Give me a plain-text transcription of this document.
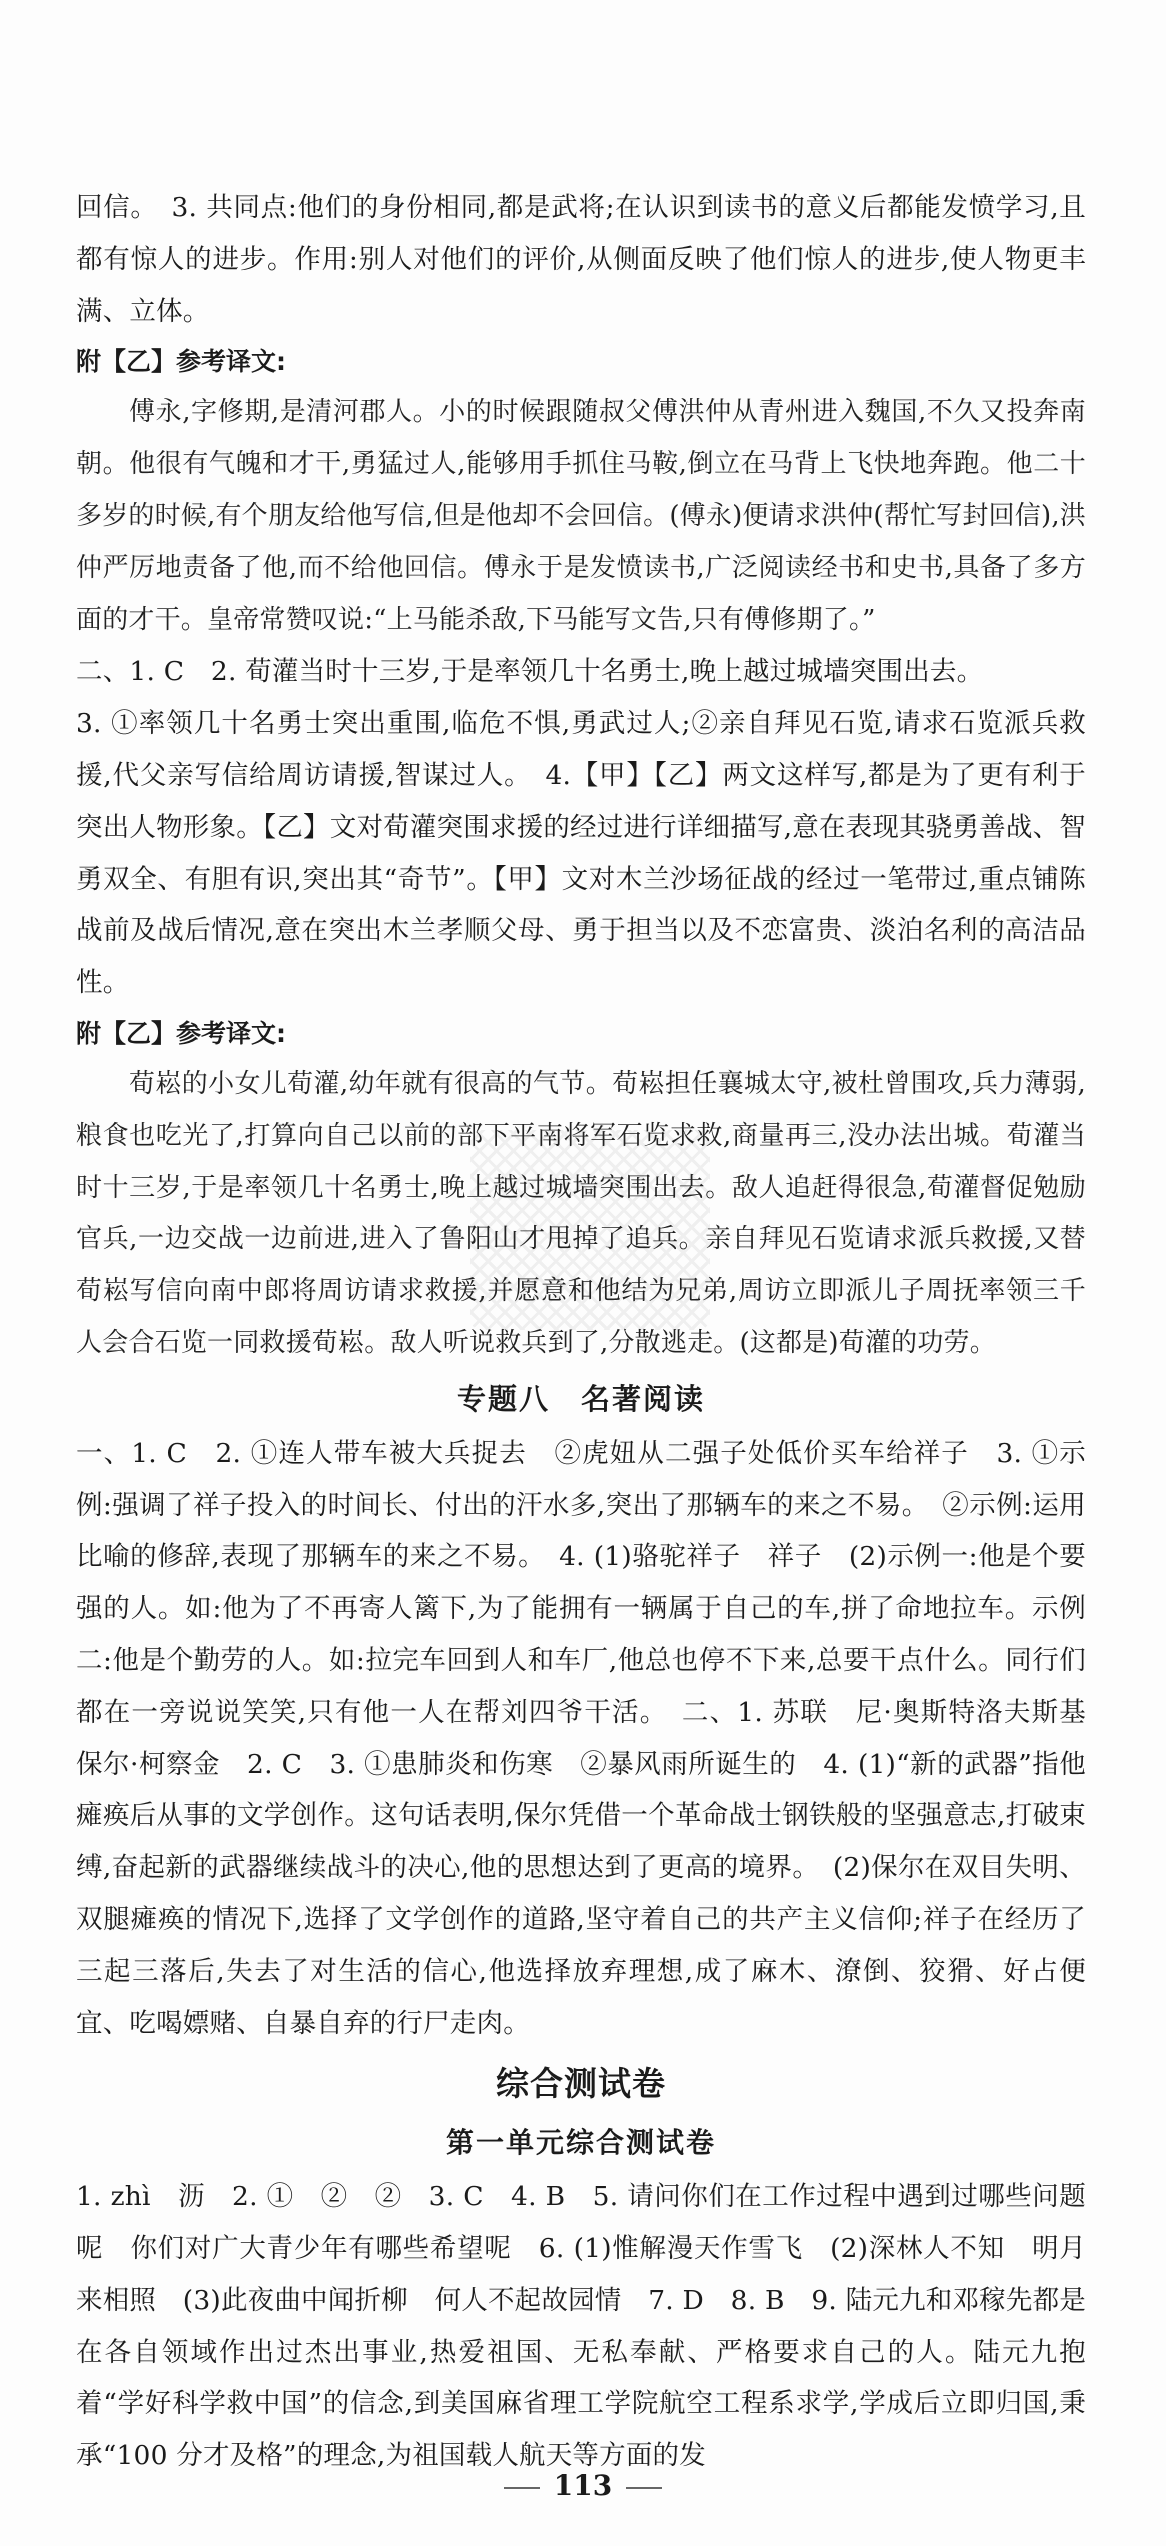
回信。　3. 共同点:他们的身份相同,都是武将;在认识到读书的意义后都能发愤学习,且都有惊人的进步。作用:别人对他们的评价,从侧面反映了他们惊人的进步,使人物更丰满、立体。

附【乙】参考译文:

傅永,字修期,是清河郡人。小的时候跟随叔父傅洪仲从青州进入魏国,不久又投奔南朝。他很有气魄和才干,勇猛过人,能够用手抓住马鞍,倒立在马背上飞快地奔跑。他二十多岁的时候,有个朋友给他写信,但是他却不会回信。(傅永)便请求洪仲(帮忙写封回信),洪仲严厉地责备了他,而不给他回信。傅永于是发愤读书,广泛阅读经书和史书,具备了多方面的才干。皇帝常赞叹说:“上马能杀敌,下马能写文告,只有傅修期了。”

二、1. C　2. 荀灌当时十三岁,于是率领几十名勇士,晚上越过城墙突围出去。

3. ①率领几十名勇士突出重围,临危不惧,勇武过人;②亲自拜见石览,请求石览派兵救援,代父亲写信给周访请援,智谋过人。　4.【甲】【乙】两文这样写,都是为了更有利于突出人物形象。【乙】文对荀灌突围求援的经过进行详细描写,意在表现其骁勇善战、智勇双全、有胆有识,突出其“奇节”。【甲】文对木兰沙场征战的经过一笔带过,重点铺陈战前及战后情况,意在突出木兰孝顺父母、勇于担当以及不恋富贵、淡泊名利的高洁品性。

附【乙】参考译文:

荀崧的小女儿荀灌,幼年就有很高的气节。荀崧担任襄城太守,被杜曾围攻,兵力薄弱,粮食也吃光了,打算向自己以前的部下平南将军石览求救,商量再三,没办法出城。荀灌当时十三岁,于是率领几十名勇士,晚上越过城墙突围出去。敌人追赶得很急,荀灌督促勉励官兵,一边交战一边前进,进入了鲁阳山才甩掉了追兵。亲自拜见石览请求派兵救援,又替荀崧写信向南中郎将周访请求救援,并愿意和他结为兄弟,周访立即派儿子周抚率领三千人会合石览一同救援荀崧。敌人听说救兵到了,分散逃走。(这都是)荀灌的功劳。

专题八　名著阅读

一、1. C　2. ①连人带车被大兵捉去　②虎妞从二强子处低价买车给祥子　3. ①示例:强调了祥子投入的时间长、付出的汗水多,突出了那辆车的来之不易。　②示例:运用比喻的修辞,表现了那辆车的来之不易。　4. (1)骆驼祥子　祥子　(2)示例一:他是个要强的人。如:他为了不再寄人篱下,为了能拥有一辆属于自己的车,拼了命地拉车。示例二:他是个勤劳的人。如:拉完车回到人和车厂,他总也停不下来,总要干点什么。同行们都在一旁说说笑笑,只有他一人在帮刘四爷干活。　二、1. 苏联　尼·奥斯特洛夫斯基　保尔·柯察金　2. C　3. ①患肺炎和伤寒　②暴风雨所诞生的　4. (1)“新的武器”指他瘫痪后从事的文学创作。这句话表明,保尔凭借一个革命战士钢铁般的坚强意志,打破束缚,奋起新的武器继续战斗的决心,他的思想达到了更高的境界。　(2)保尔在双目失明、双腿瘫痪的情况下,选择了文学创作的道路,坚守着自己的共产主义信仰;祥子在经历了三起三落后,失去了对生活的信心,他选择放弃理想,成了麻木、潦倒、狡猾、好占便宜、吃喝嫖赌、自暴自弃的行尸走肉。

综合测试卷
第一单元综合测试卷

1. zhì　沥　2. ①　②　②　3. C　4. B　5. 请问你们在工作过程中遇到过哪些问题呢　你们对广大青少年有哪些希望呢　6. (1)惟解漫天作雪飞　(2)深林人不知　明月来相照　(3)此夜曲中闻折柳　何人不起故园情　7. D　8. B　9. 陆元九和邓稼先都是在各自领域作出过杰出事业,热爱祖国、无私奉献、严格要求自己的人。陆元九抱着“学好科学救中国”的信念,到美国麻省理工学院航空工程系求学,学成后立即归国,秉承“100 分才及格”的理念,为祖国载人航天等方面的发

113
